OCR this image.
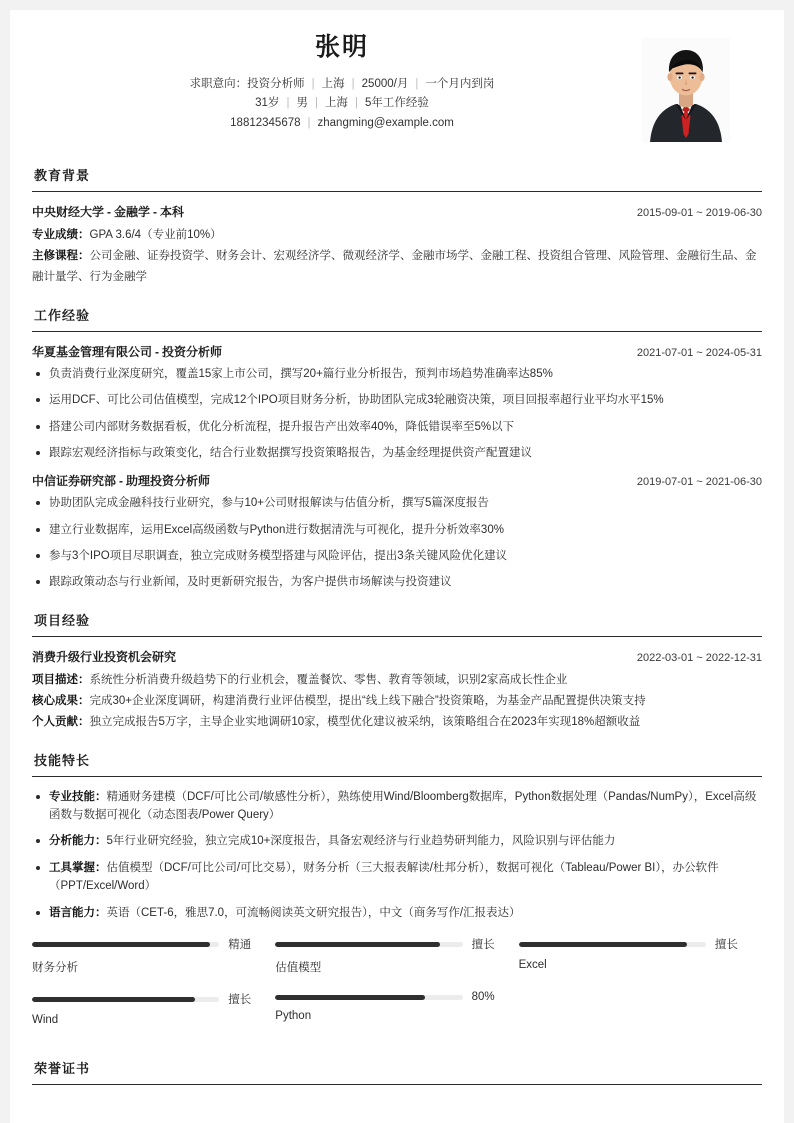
张明
求职意向：投资分析师 | 上海 | 25000/月 | 一个月内到岗
31岁 | 男 | 上海 | 5年工作经验
18812345678 | zhangming@example.com
教育背景
中央财经大学 - 金融学 - 本科	2015-09-01 ~ 2019-06-30
专业成绩：GPA 3.6/4（专业前10%）
主修课程：公司金融、证券投资学、财务会计、宏观经济学、微观经济学、金融市场学、金融工程、投资组合管理、风险管理、金融衍生品、金融计量学、行为金融学
工作经验
华夏基金管理有限公司 - 投资分析师	2021-07-01 ~ 2024-05-31
负责消费行业深度研究，覆盖15家上市公司，撰写20+篇行业分析报告，预判市场趋势准确率达85%
运用DCF、可比公司估值模型，完成12个IPO项目财务分析，协助团队完成3轮融资决策，项目回报率超行业平均水平15%
搭建公司内部财务数据看板，优化分析流程，提升报告产出效率40%，降低错误率至5%以下
跟踪宏观经济指标与政策变化，结合行业数据撰写投资策略报告，为基金经理提供资产配置建议
中信证券研究部 - 助理投资分析师	2019-07-01 ~ 2021-06-30
协助团队完成金融科技行业研究，参与10+公司财报解读与估值分析，撰写5篇深度报告
建立行业数据库，运用Excel高级函数与Python进行数据清洗与可视化，提升分析效率30%
参与3个IPO项目尽职调查，独立完成财务模型搭建与风险评估，提出3条关键风险优化建议
跟踪政策动态与行业新闻，及时更新研究报告，为客户提供市场解读与投资建议
项目经验
消费升级行业投资机会研究	2022-03-01 ~ 2022-12-31
项目描述：系统性分析消费升级趋势下的行业机会，覆盖餐饮、零售、教育等领域，识别2家高成长性企业
核心成果：完成30+企业深度调研，构建消费行业评估模型，提出“线上线下融合”投资策略，为基金产品配置提供决策支持
个人贡献：独立完成报告5万字，主导企业实地调研10家，模型优化建议被采纳，该策略组合在2023年实现18%超额收益
技能特长
专业技能：精通财务建模（DCF/可比公司/敏感性分析），熟练使用Wind/Bloomberg数据库，Python数据处理（Pandas/NumPy），Excel高级函数与数据可视化（动态图表/Power Query）
分析能力：5年行业研究经验，独立完成10+深度报告，具备宏观经济与行业趋势研判能力，风险识别与评估能力
工具掌握：估值模型（DCF/可比公司/可比交易），财务分析（三大报表解读/杜邦分析），数据可视化（Tableau/Power BI），办公软件（PPT/Excel/Word）
语言能力：英语（CET-6，雅思7.0，可流畅阅读英文研究报告），中文（商务写作/汇报表达）
精通
财务分析
擅长
估值模型
擅长
Excel
擅长
Wind
80%
Python
荣誉证书
